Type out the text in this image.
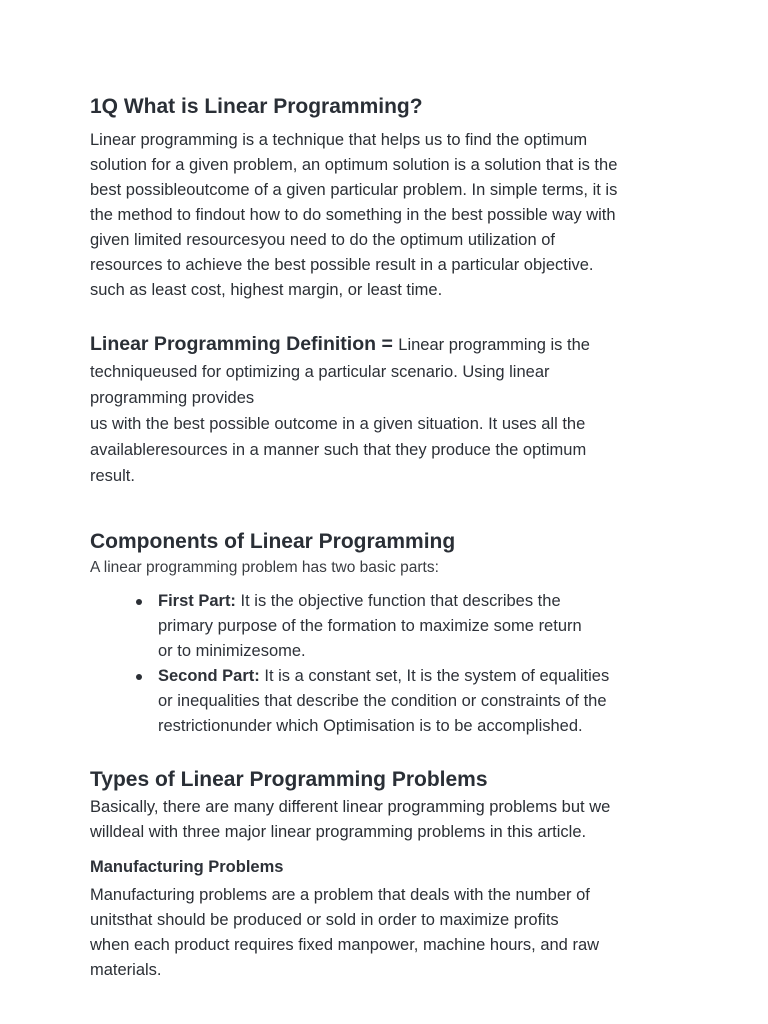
1Q What is Linear Programming?

Linear programming is a technique that helps us to find the optimum
solution for a given problem, an optimum solution is a solution that is the
best possibleoutcome of a given particular problem. In simple terms, it is
the method to findout how to do something in the best possible way with
given limited resourcesyou need to do the optimum utilization of
resources to achieve the best possible result in a particular objective.
such as least cost, highest margin, or least time.

Linear Programming Definition = Linear programming is the

techniqueused for optimizing a particular scenario. Using linear
programming provides
us with the best possible outcome in a given situation. It uses all the
availableresources in a manner such that they produce the optimum
result.

Components of Linear Programming

A linear programming problem has two basic parts:

First Part: It is the objective function that describes the
primary purpose of the formation to maximize some return
or to minimizesome.
Second Part: It is a constant set, It is the system of equalities
or inequalities that describe the condition or constraints of the
restrictionunder which Optimisation is to be accomplished.
Types of Linear Programming Problems

Basically, there are many different linear programming problems but we
willdeal with three major linear programming problems in this article.

Manufacturing Problems

Manufacturing problems are a problem that deals with the number of
unitsthat should be produced or sold in order to maximize profits
when each product requires fixed manpower, machine hours, and raw
materials.
